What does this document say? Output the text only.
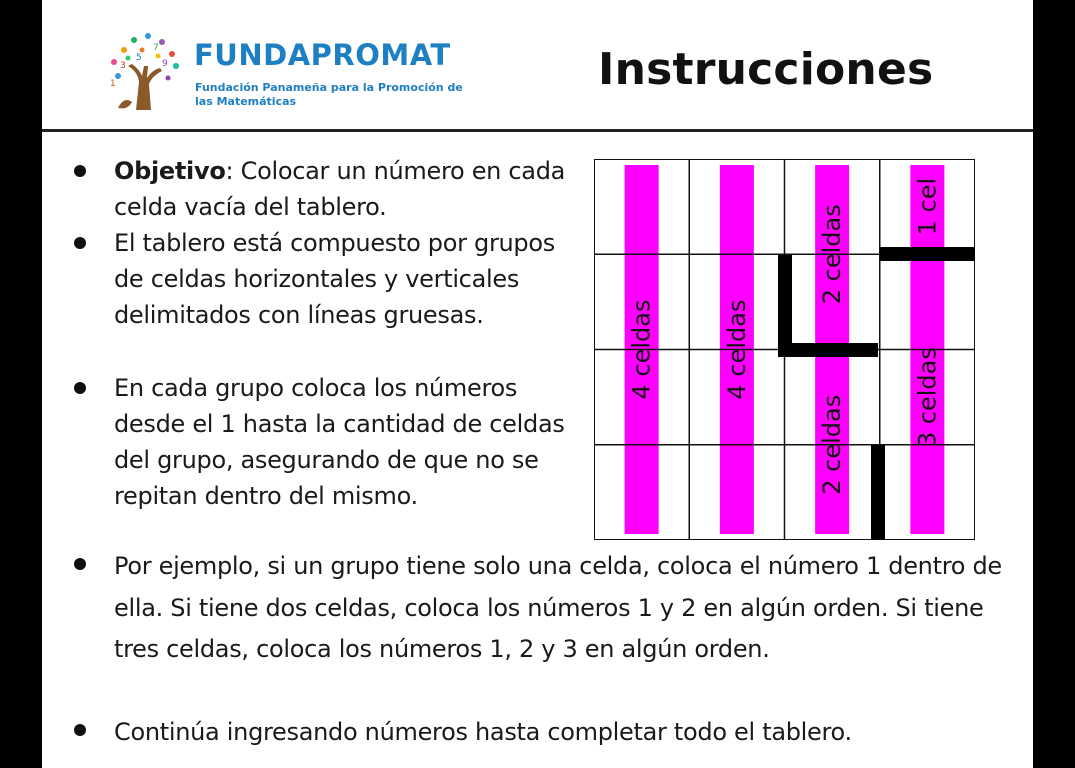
3
5
7
9
1
FUNDAPROMAT
Fundación Panameña para la Promoción de
las Matemáticas
Instrucciones
Objetivo: Colocar un número en cada celda vacía del tablero.
El tablero está compuesto por grupos de celdas horizontales y verticales delimitados con líneas gruesas.
En cada grupo coloca los números desde el 1 hasta la cantidad de celdas del grupo, asegurando de que no se repitan dentro del mismo.
Por ejemplo, si un grupo tiene solo una celda, coloca el número 1 dentro de ella. Si tiene dos celdas, coloca los números 1 y 2 en algún orden. Si tiene tres celdas, coloca los números 1, 2 y 3 en algún orden.
Continúa ingresando números hasta completar todo el tablero.
4 celdas	4 celdas
2 celdas	1 cel
2 celdas	3 celdas
